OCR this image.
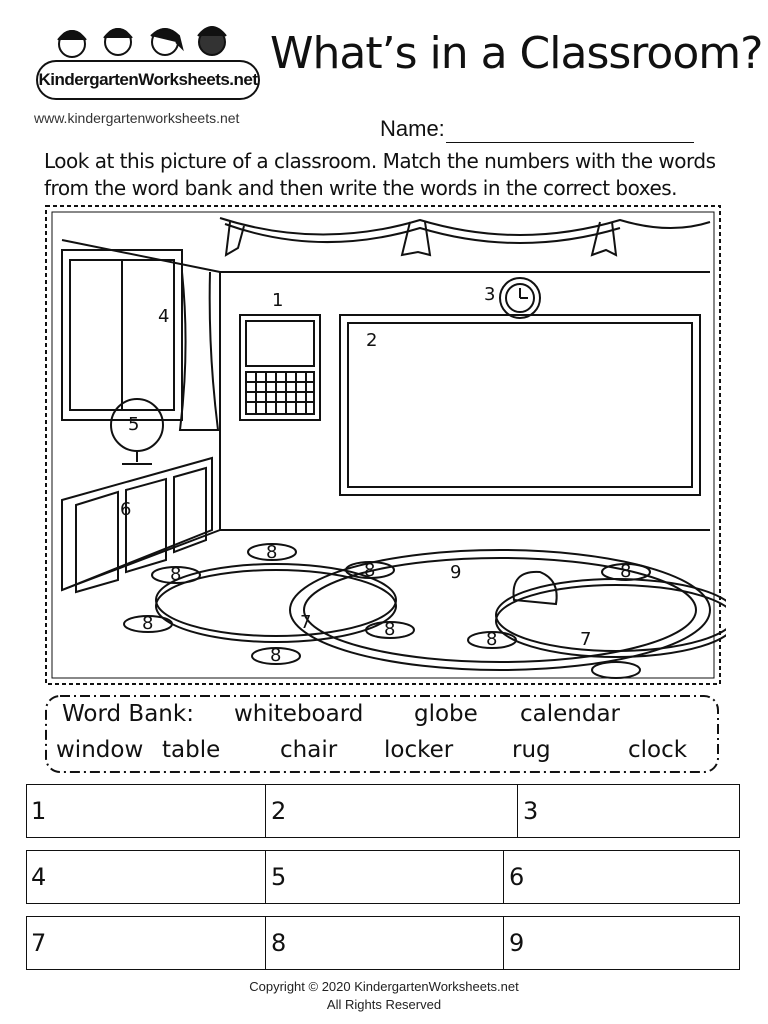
KindergartenWorksheets.net
www.kindergartenworksheets.net
What’s in a Classroom?
Name:
Look at this picture of a classroom. Match the numbers with the words from the word bank and then write the words in the correct boxes.
1
2
3
4
5
6
7
7
8
8	8
8
8
8
8
8
9
Word Bank: whiteboard globe calendar
window table	chair locker	rug	clock
1	2	3
4	5	6
7	8	9
Copyright © 2020 KindergartenWorksheets.net
All Rights Reserved
